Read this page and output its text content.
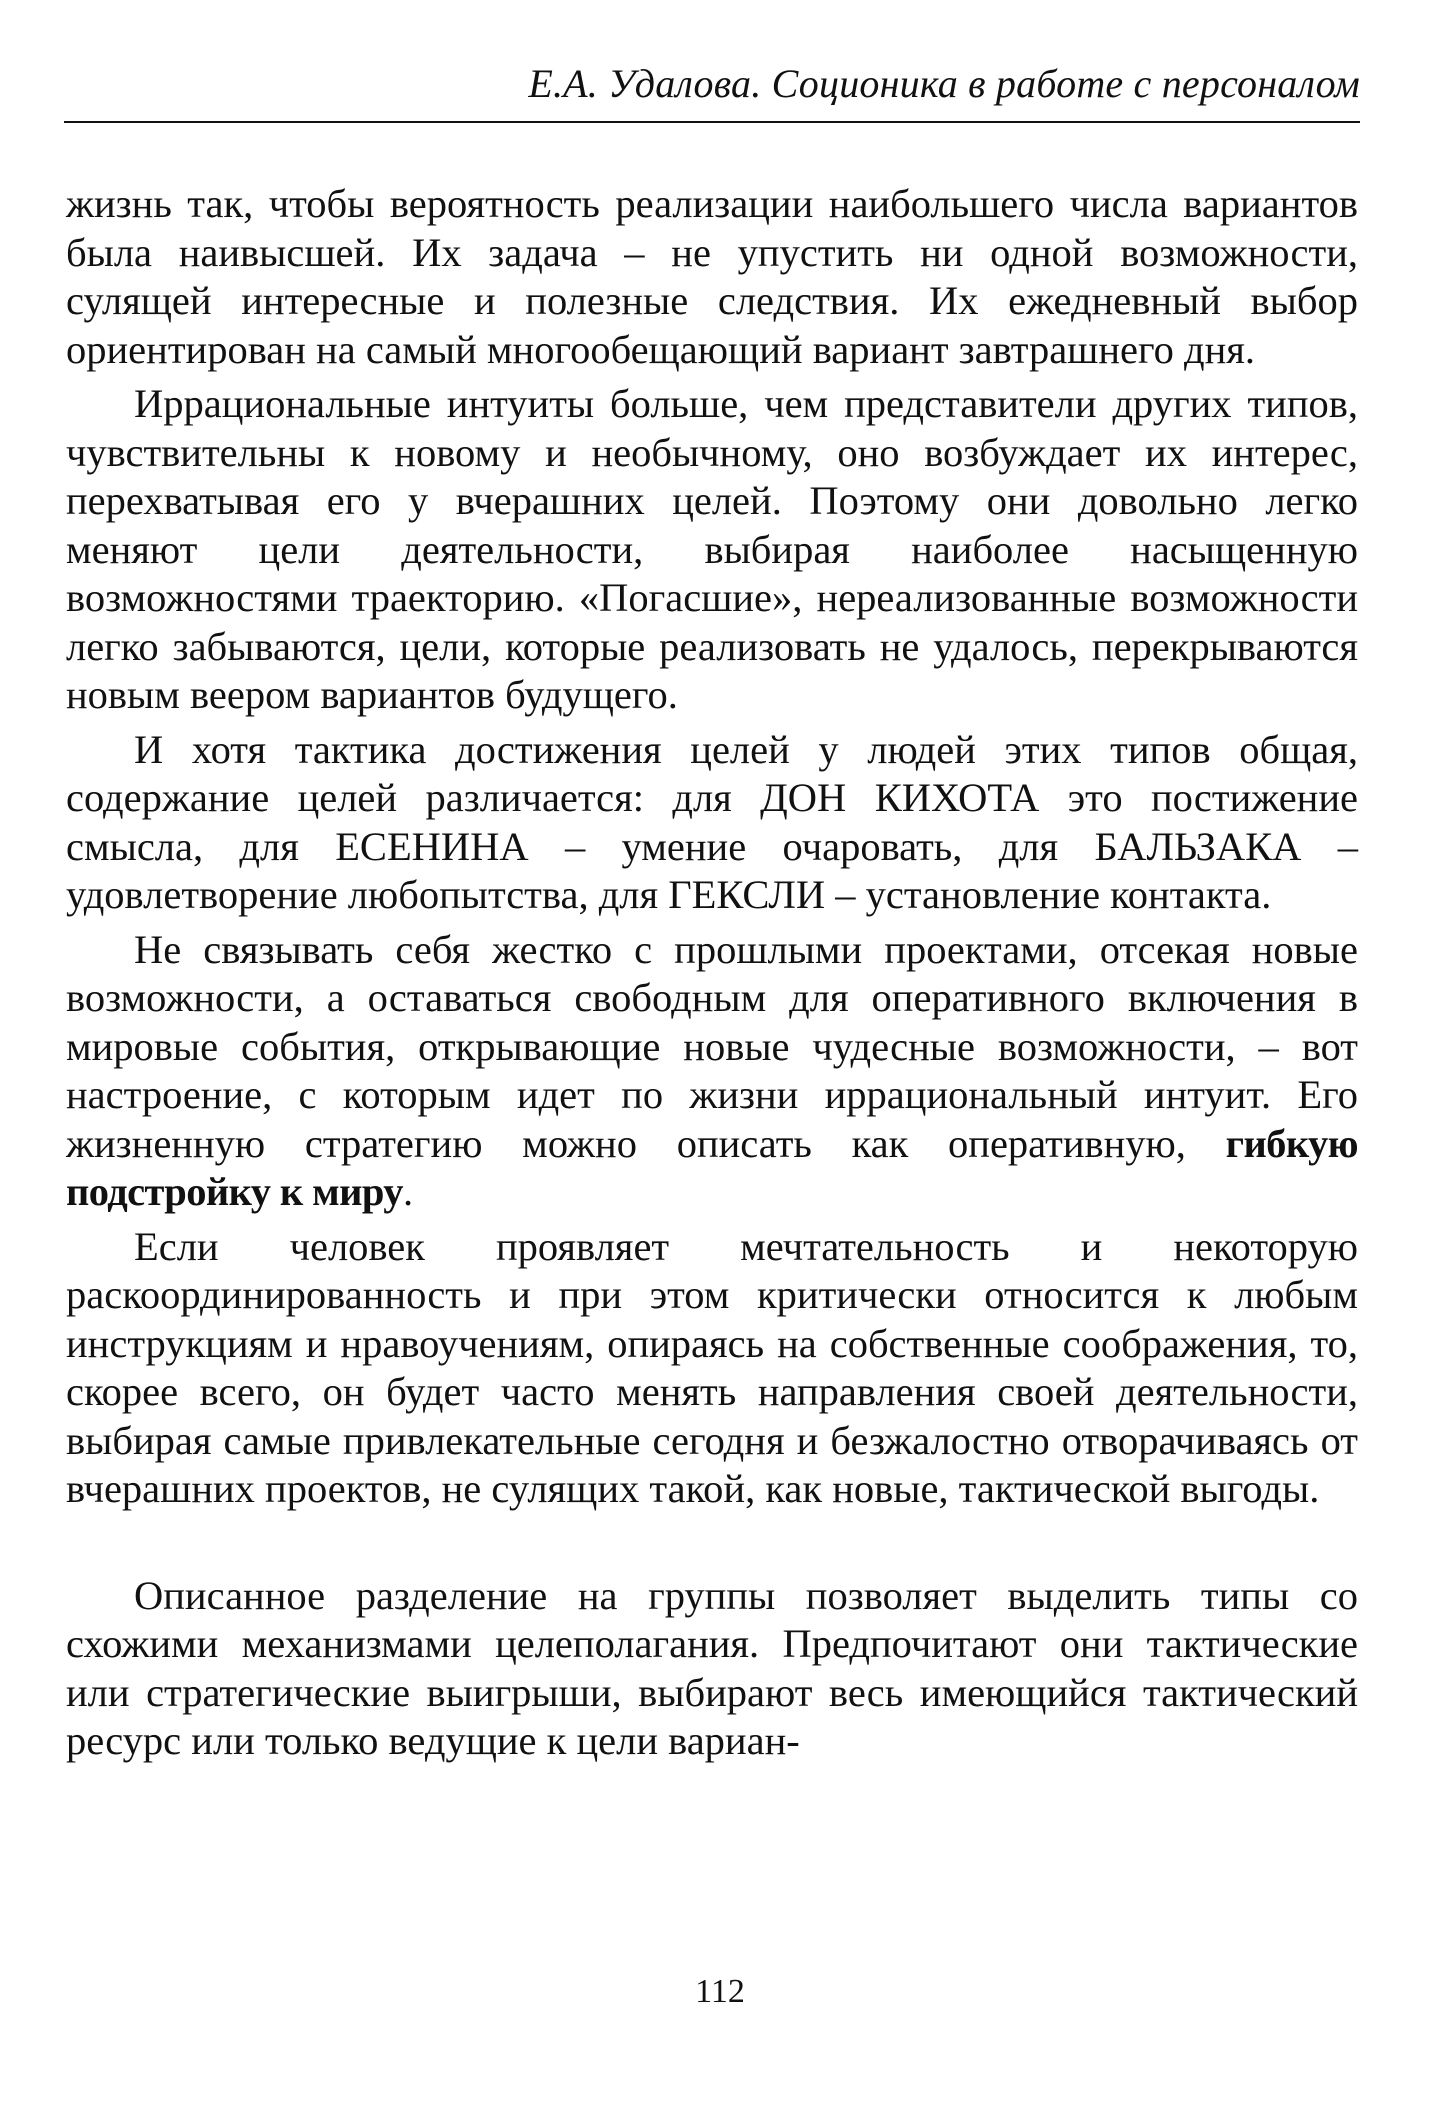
Е.А. Удалова. Соционика в работе с персоналом

жизнь так, чтобы вероятность реализации наибольшего числа вариантов была наивысшей. Их задача – не упустить ни одной возможности, сулящей интересные и полезные следствия. Их ежедневный выбор ориентирован на самый многообещающий вариант завтрашнего дня.

Иррациональные интуиты больше, чем представители других типов, чувствительны к новому и необычному, оно возбуждает их интерес, перехватывая его у вчерашних целей. Поэтому они довольно легко меняют цели деятельности, выбирая наиболее насыщенную возможностями траекторию. «Погасшие», нереализованные возможности легко забываются, цели, которые реализовать не удалось, перекрываются новым веером вариантов будущего.

И хотя тактика достижения целей у людей этих типов общая, содержание целей различается: для ДОН КИХОТА это постижение смысла, для ЕСЕНИНА – умение очаровать, для БАЛЬЗАКА – удовлетворение любопытства, для ГЕКСЛИ – установление контакта.

Не связывать себя жестко с прошлыми проектами, отсекая новые возможности, а оставаться свободным для оперативного включения в мировые события, открывающие новые чудесные возможности, – вот настроение, с которым идет по жизни иррациональный интуит. Его жизненную стратегию можно описать как оперативную, гибкую подстройку к миру.

Если человек проявляет мечтательность и некоторую раскоординированность и при этом критически относится к любым инструкциям и нравоучениям, опираясь на собственные соображения, то, скорее всего, он будет часто менять направления своей деятельности, выбирая самые привлекательные сегодня и безжалостно отворачиваясь от вчерашних проектов, не сулящих такой, как новые, тактической выгоды.

Описанное разделение на группы позволяет выделить типы со схожими механизмами целеполагания. Предпочитают они тактические или стратегические выигрыши, выбирают весь имеющийся тактический ресурс или только ведущие к цели вариан-

112
